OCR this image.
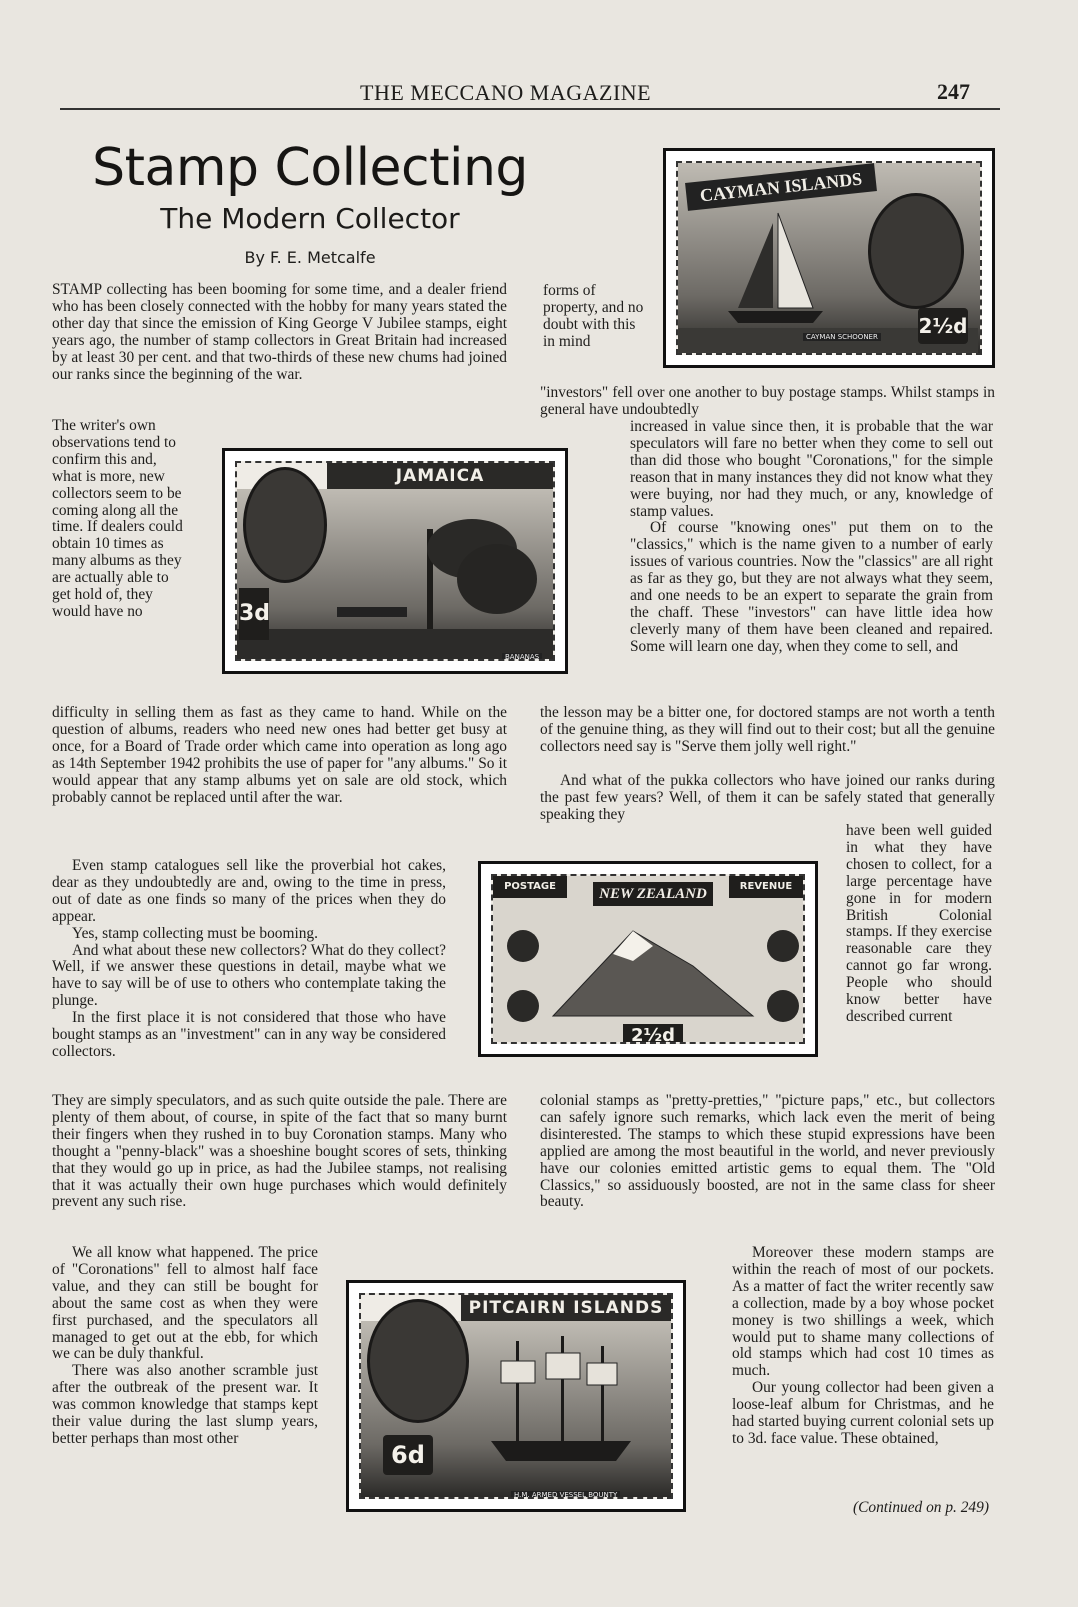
THE MECCANO MAGAZINE	247
Stamp Collecting
The Modern Collector
By F. E. Metcalfe
STAMP collecting has been booming for some time, and a dealer friend who has been closely connected with the hobby for many years stated the other day that since the emission of King George V Jubilee stamps, eight years ago, the number of stamp collectors in Great Britain had increased by at least 30 per cent. and that two-thirds of these new chums had joined our ranks since the beginning of the war.
The writer's own observations tend to confirm this and, what is more, new collectors seem to be coming along all the time. If dealers could obtain 10 times as many albums as they are actually able to get hold of, they would have no
difficulty in selling them as fast as they came to hand. While on the question of albums, readers who need new ones had better get busy at once, for a Board of Trade order which came into operation as long ago as 14th September 1942 prohibits the use of paper for "any albums." So it would appear that any stamp albums yet on sale are old stock, which probably cannot be replaced until after the war.
Even stamp catalogues sell like the proverbial hot cakes, dear as they undoubtedly are and, owing to the time in press, out of date as one finds so many of the prices when they do appear.
Yes, stamp collecting must be booming.
And what about these new collectors? What do they collect? Well, if we answer these questions in detail, maybe what we have to say will be of use to others who contemplate taking the plunge.
In the first place it is not considered that those who have bought stamps as an "investment" can in any way be considered collectors.
They are simply speculators, and as such quite outside the pale. There are plenty of them about, of course, in spite of the fact that so many burnt their fingers when they rushed in to buy Coronation stamps. Many who thought a "penny-black" was a shoeshine bought scores of sets, thinking that they would go up in price, as had the Jubilee stamps, not realising that it was actually their own huge purchases which would definitely prevent any such rise.
We all know what happened. The price of "Coronations" fell to almost half face value, and they can still be bought for about the same cost as when they were first purchased, and the speculators all managed to get out at the ebb, for which we can be duly thankful.
There was also another scramble just after the outbreak of the present war. It was common knowledge that stamps kept their value during the last slump years, better perhaps than most other
forms of property, and no doubt with this in mind
"investors" fell over one another to buy postage stamps. Whilst stamps in general have undoubtedly
increased in value since then, it is probable that the war speculators will fare no better when they come to sell out than did those who bought "Coronations," for the simple reason that in many instances they did not know what they were buying, nor had they much, or any, knowledge of stamp values.
Of course "knowing ones" put them on to the "classics," which is the name given to a number of early issues of various countries. Now the "classics" are all right as far as they go, but they are not always what they seem, and one needs to be an expert to separate the grain from the chaff. These "investors" can have little idea how cleverly many of them have been cleaned and repaired. Some will learn one day, when they come to sell, and
the lesson may be a bitter one, for doctored stamps are not worth a tenth of the genuine thing, as they will find out to their cost; but all the genuine collectors need say is "Serve them jolly well right."
And what of the pukka collectors who have joined our ranks during the past few years? Well, of them it can be safely stated that generally speaking they
have been well guided in what they have chosen to collect, for a large percentage have gone in for modern British Colonial stamps. If they exercise reasonable care they cannot go far wrong. People who should know better have described current
colonial stamps as "pretty-pretties," "picture paps," etc., but collectors can safely ignore such remarks, which lack even the merit of being disinterested. The stamps to which these stupid expressions have been applied are among the most beautiful in the world, and never previously have our colonies emitted artistic gems to equal them. The "Old Classics," so assiduously boosted, are not in the same class for sheer beauty.
Moreover these modern stamps are within the reach of most of our pockets. As a matter of fact the writer recently saw a collection, made by a boy whose pocket money is two shillings a week, which would put to shame many collections of old stamps which had cost 10 times as much.
Our young collector had been given a loose-leaf album for Christmas, and he had started buying current colonial sets up to 3d. face value. These obtained,
(Continued on p. 249)
CAYMAN ISLANDS
2½d
CAYMAN SCHOONER
JAMAICA
3d
BANANAS
POSTAGE	REVENUE
NEW ZEALAND
2½d
PITCAIRN ISLANDS
6d
H.M. ARMED VESSEL BOUNTY
